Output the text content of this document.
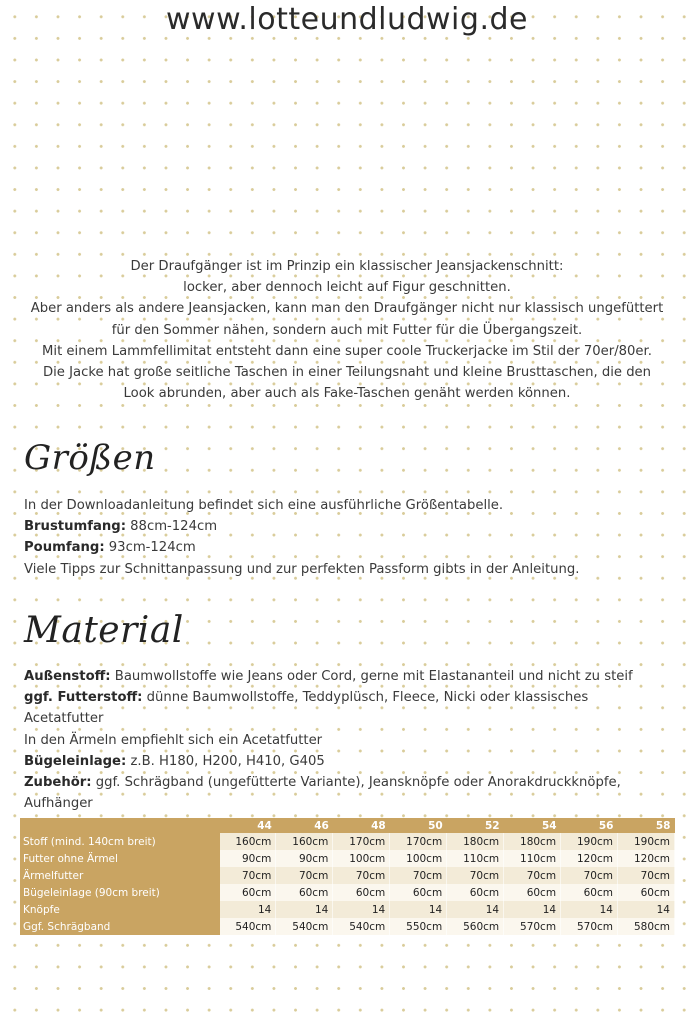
www.lotteundludwig.de
Der Draufgänger ist im Prinzip ein klassischer Jeansjackenschnitt:
locker, aber dennoch leicht auf Figur geschnitten.
Aber anders als andere Jeansjacken, kann man den Draufgänger nicht nur klassisch ungefüttert
für den Sommer nähen, sondern auch mit Futter für die Übergangszeit.
Mit einem Lammfellimitat entsteht dann eine super coole Truckerjacke im Stil der 70er/80er.
Die Jacke hat große seitliche Taschen in einer Teilungsnaht und kleine Brusttaschen, die den
Look abrunden, aber auch als Fake-Taschen genäht werden können.
Größen
In der Downloadanleitung befindet sich eine ausführliche Größentabelle.
Brustumfang: 88cm-124cm
Poumfang: 93cm-124cm
Viele Tipps zur Schnittanpassung und zur perfekten Passform gibts in der Anleitung.
Material
Außenstoff: Baumwollstoffe wie Jeans oder Cord, gerne mit Elastananteil und nicht zu steif
ggf. Futterstoff: dünne Baumwollstoffe, Teddyplüsch, Fleece, Nicki oder klassisches
Acetatfutter
In den Ärmeln empfiehlt sich ein Acetatfutter
Bügeleinlage: z.B. H180, H200, H410, G405
Zubehör: ggf. Schrägband (ungefütterte Variante), Jeansknöpfe oder Anorakdruckknöpfe,
Aufhänger
	44	46	48	50	52	54	56	58
Stoff (mind. 140cm breit)	160cm	160cm	170cm	170cm	180cm	180cm	190cm	190cm
Futter ohne Ärmel	90cm	90cm	100cm	100cm	110cm	110cm	120cm	120cm
Ärmelfutter	70cm	70cm	70cm	70cm	70cm	70cm	70cm	70cm
Bügeleinlage (90cm breit)	60cm	60cm	60cm	60cm	60cm	60cm	60cm	60cm
Knöpfe	14	14	14	14	14	14	14	14
Ggf. Schrägband	540cm	540cm	540cm	550cm	560cm	570cm	570cm	580cm
